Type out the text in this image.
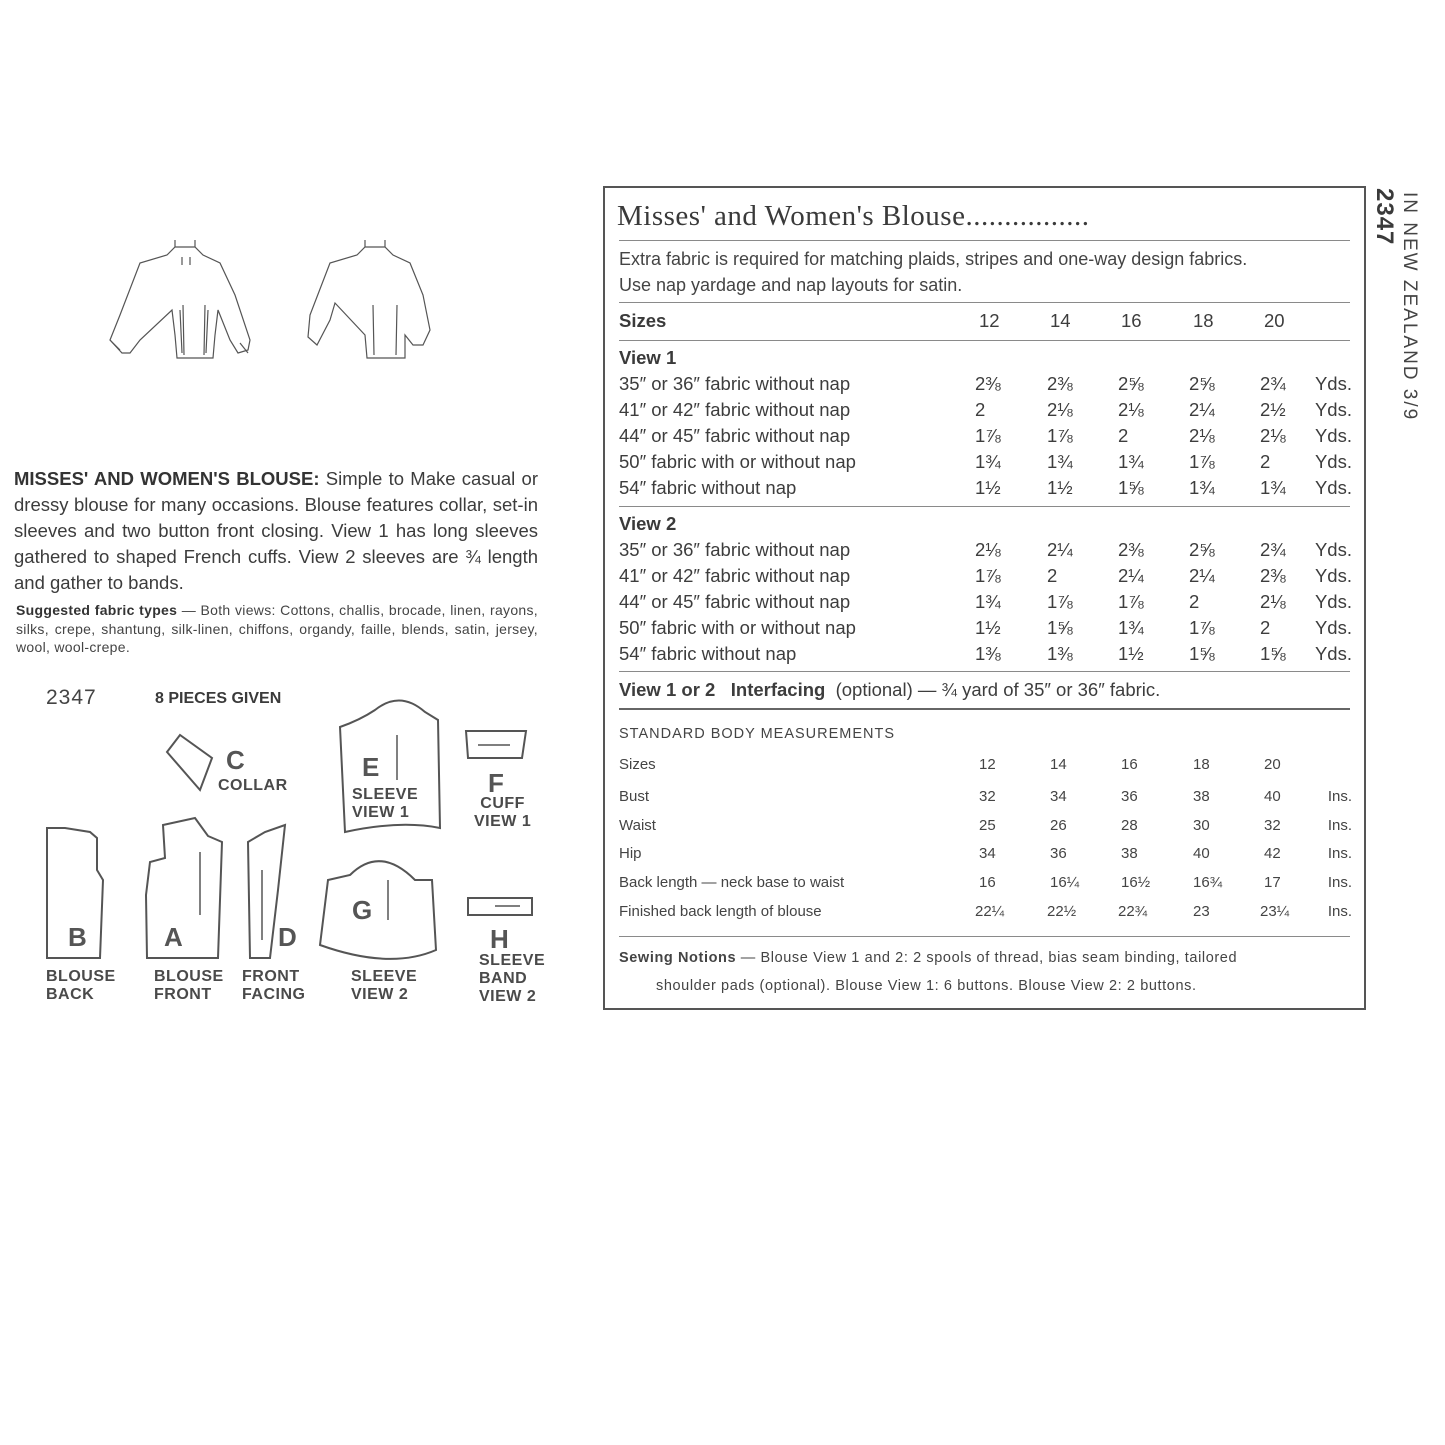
MISSES' AND WOMEN'S BLOUSE: Simple to Make casual or dressy blouse for many occasions. Blouse features collar, set-in sleeves and two button front closing. View 1 has long sleeves gathered to shaped French cuffs. View 2 sleeves are ¾ length and gather to bands.
Suggested fabric types — Both views: Cottons, challis, brocade, linen, rayons, silks, crepe, shantung, silk-linen, chiffons, organdy, faille, blends, satin, jersey, wool, wool-crepe.
2347	8 PIECES GIVEN
C
COLLAR
E
SLEEVE
VIEW 1
F
CUFF
VIEW 1
B
BLOUSE
BACK
A
BLOUSE
FRONT
D
FRONT
FACING
G
SLEEVE
VIEW 2
H
SLEEVE
BAND
VIEW 2
Misses' and Women's Blouse................
Extra fabric is required for matching plaids, stripes and one-way design fabrics.
Use nap yardage and nap layouts for satin.
Sizes	12	14	16	18	20
View 1
35″ or 36″ fabric without nap	2⅜	2⅜	2⅝	2⅝	2¾	Yds.
41″ or 42″ fabric without nap	2	2⅛	2⅛	2¼	2½	Yds.
44″ or 45″ fabric without nap	1⅞	1⅞	2	2⅛	2⅛	Yds.
50″ fabric with or without nap	1¾	1¾	1¾	1⅞	2	Yds.
54″ fabric without nap	1½	1½	1⅝	1¾	1¾	Yds.
View 2
35″ or 36″ fabric without nap	2⅛	2¼	2⅜	2⅝	2¾	Yds.
41″ or 42″ fabric without nap	1⅞	2	2¼	2¼	2⅜	Yds.
44″ or 45″ fabric without nap	1¾	1⅞	1⅞	2	2⅛	Yds.
50″ fabric with or without nap	1½	1⅝	1¾	1⅞	2	Yds.
54″ fabric without nap	1⅜	1⅜	1½	1⅝	1⅝	Yds.
View 1 or 2 Interfacing (optional) — ¾ yard of 35″ or 36″ fabric.
STANDARD BODY MEASUREMENTS
Sizes	12	14	16	18	20
Bust	32	34	36	38	40	Ins.
Waist	25	26	28	30	32	Ins.
Hip	34	36	38	40	42	Ins.
Back length — neck base to waist	16	16¼	16½	16¾	17	Ins.
Finished back length of blouse	22¼	22½	22¾	23	23¼	Ins.
Sewing Notions — Blouse View 1 and 2: 2 spools of thread, bias seam binding, tailored
shoulder pads (optional). Blouse View 1: 6 buttons. Blouse View 2: 2 buttons.
2347 IN NEW ZEALAND 3/9
